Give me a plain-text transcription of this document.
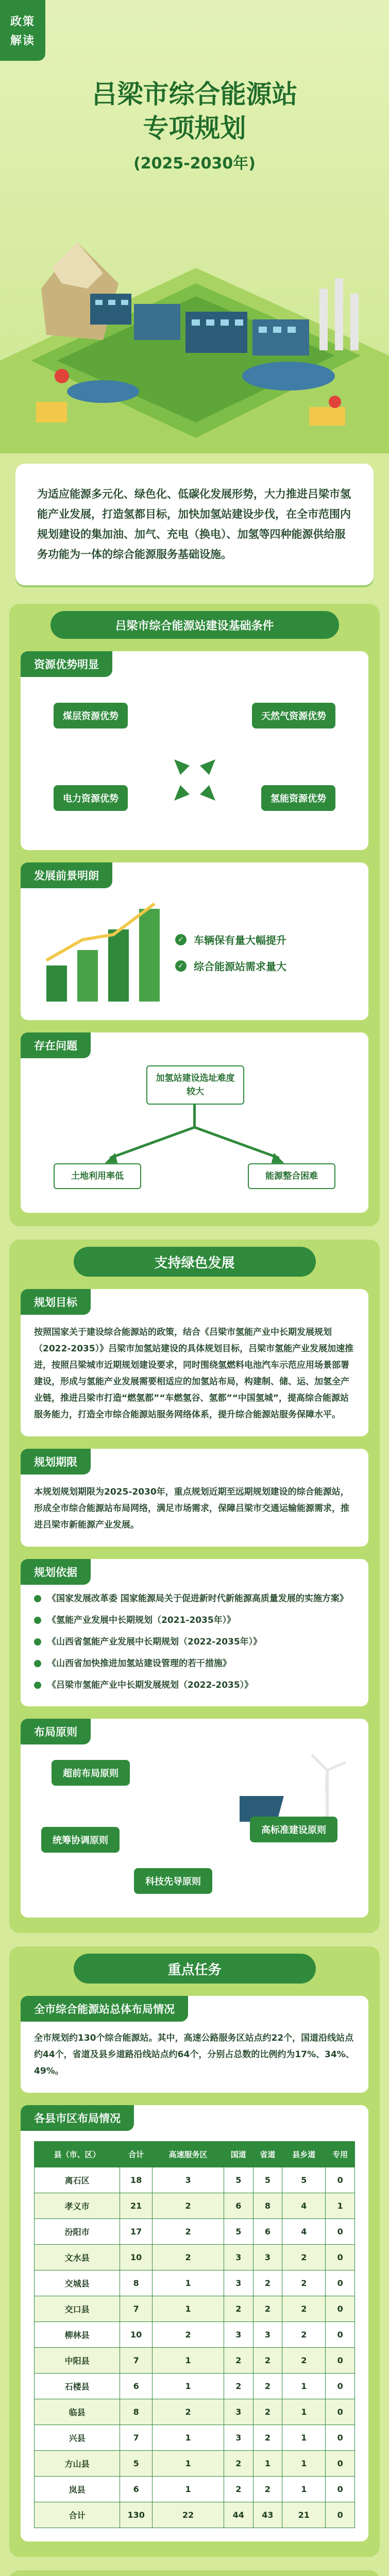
政策
解读
吕梁市综合能源站
专项规划
(2025-2030年)
为适应能源多元化、绿色化、低碳化发展形势，大力推进吕梁市氢能产业发展，打造氢都目标，加快加氢站建设步伐，在全市范围内规划建设的集加油、加气、充电（换电）、加氢等四种能源供给服务功能为一体的综合能源服务基础设施。
吕梁市综合能源站建设基础条件
资源优势明显
煤层资源优势	天然气资源优势
电力资源优势	氢能资源优势
发展前景明朗
✓ 车辆保有量大幅提升
✓ 综合能源站需求量大
存在问题
加氢站建设选址难度较大
土地利用率低	能源整合困难
支持绿色发展
规划目标

按照国家关于建设综合能源站的政策，结合《吕梁市氢能产业中长期发展规划（2022-2035）》吕梁市加氢站建设的具体规划目标，吕梁市氢能产业发展加速推进，按照吕梁城市近期规划建设要求，同时围绕氢燃料电池汽车示范应用场景部署建设，形成与氢能产业发展需要相适应的加氢站布局，构建制、储、运、加氢全产业链，推进吕梁市打造“燃氢都”“车燃氢谷、氢都”“中国氢城”，提高综合能源站服务能力，打造全市综合能源站服务网络体系，提升综合能源站服务保障水平。

规划期限

本规划规划期限为2025-2030年，重点规划近期至远期规划建设的综合能源站，形成全市综合能源站布局网络，满足市场需求，保障吕梁市交通运输能源需求，推进吕梁市新能源产业发展。

规划依据
《国家发展改革委 国家能源局关于促进新时代新能源高质量发展的实施方案》
《氢能产业发展中长期规划（2021-2035年）》
《山西省氢能产业发展中长期规划（2022-2035年）》
《山西省加快推进加氢站建设管理的若干措施》
《吕梁市氢能产业中长期发展规划（2022-2035）》
布局原则
超前布局原则
高标准建设原则
统筹协调原则
科技先导原则
重点任务
全市综合能源站总体布局情况

全市规划约130个综合能源站。其中，高速公路服务区站点约22个，国道沿线站点约44个，省道及县乡道路沿线站点约64个，分别占总数的比例约为17%、34%、49%。

各县市区布局情况
县（市、区）	合计	高速服务区	国道	省道	县乡道	专用
离石区	18	3	5	5	5	0
孝义市	21	2	6	8	4	1
汾阳市	17	2	5	6	4	0
文水县	10	2	3	3	2	0
交城县	8	1	3	2	2	0
交口县	7	1	2	2	2	0
柳林县	10	2	3	3	2	0
中阳县	7	1	2	2	2	0
石楼县	6	1	2	2	1	0
临县	8	2	3	2	1	0
兴县	7	1	3	2	1	0
方山县	5	1	2	1	1	0
岚县	6	1	2	2	1	0
合计	130	22	44	43	21	0
